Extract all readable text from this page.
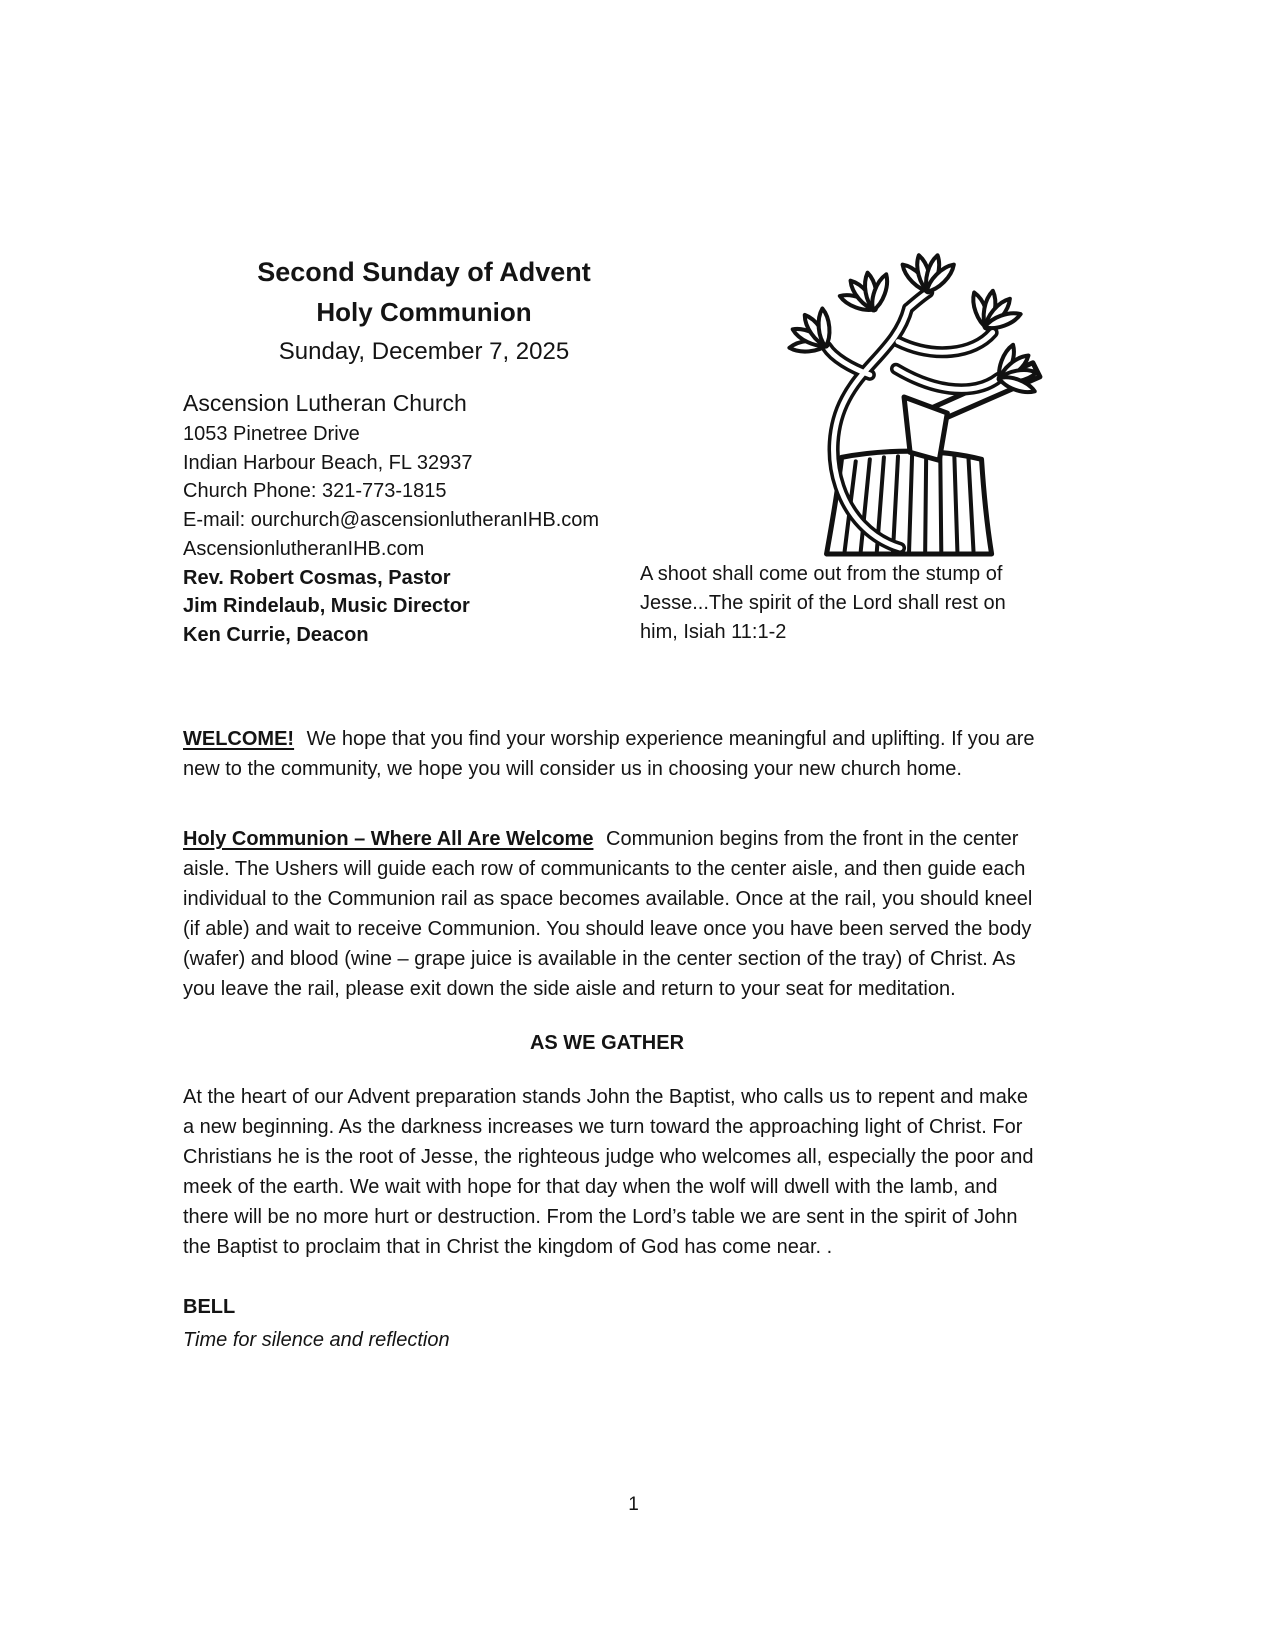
Second Sunday of Advent
Holy Communion
Sunday, December 7, 2025
Ascension Lutheran Church
1053 Pinetree Drive
Indian Harbour Beach, FL 32937
Church Phone: 321-773-1815
E-mail: ourchurch@ascensionlutheranIHB.com
AscensionlutheranIHB.com
Rev. Robert Cosmas, Pastor
Jim Rindelaub, Music Director
Ken Currie, Deacon
A shoot shall come out from the stump of Jesse...The spirit of the Lord shall rest on him, Isiah 11:1-2

WELCOME! We hope that you find your worship experience meaningful and uplifting. If you are new to the community, we hope you will consider us in choosing your new church home.

Holy Communion – Where All Are Welcome Communion begins from the front in the center aisle. The Ushers will guide each row of communicants to the center aisle, and then guide each individual to the Communion rail as space becomes available. Once at the rail, you should kneel (if able) and wait to receive Communion. You should leave once you have been served the body (wafer) and blood (wine – grape juice is available in the center section of the tray) of Christ. As you leave the rail, please exit down the side aisle and return to your seat for meditation.

AS WE GATHER

At the heart of our Advent preparation stands John the Baptist, who calls us to repent and make a new beginning. As the darkness increases we turn toward the approaching light of Christ. For Christians he is the root of Jesse, the righteous judge who welcomes all, especially the poor and meek of the earth. We wait with hope for that day when the wolf will dwell with the lamb, and there will be no more hurt or destruction. From the Lord’s table we are sent in the spirit of John the Baptist to proclaim that in Christ the kingdom of God has come near. .

BELL
Time for silence and reflection
1
